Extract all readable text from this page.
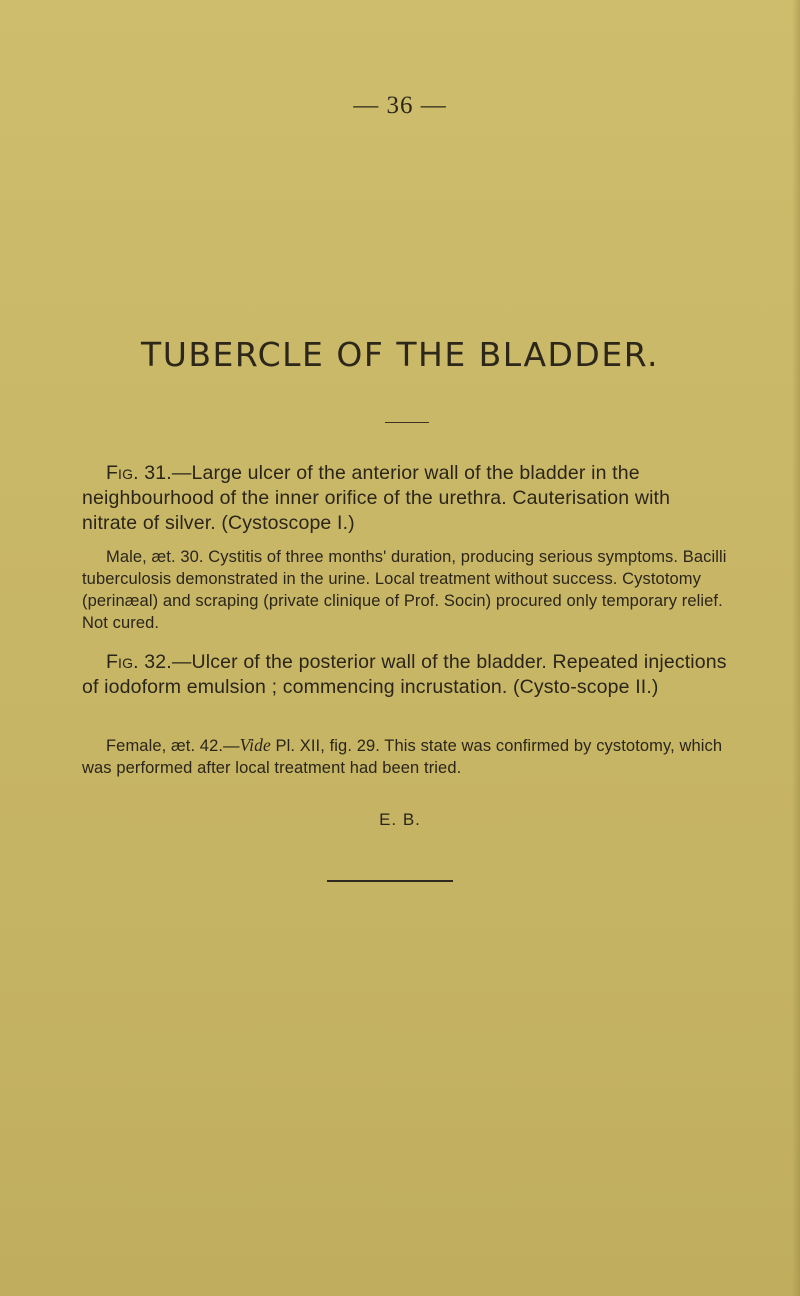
— 36 —
TUBERCLE OF THE BLADDER.

Fig. 31.—Large ulcer of the anterior wall of the bladder in the neighbourhood of the inner orifice of the urethra. Cauterisation with nitrate of silver. (Cystoscope I.)

Male, æt. 30. Cystitis of three months' duration, producing serious symptoms. Bacilli tuberculosis demonstrated in the urine. Local treatment without success. Cystotomy (perinæal) and scraping (private clinique of Prof. Socin) procured only temporary relief. Not cured.

Fig. 32.—Ulcer of the posterior wall of the bladder. Repeated injections of iodoform emulsion ; commencing incrustation. (Cysto-scope II.)

Female, æt. 42.—Vide Pl. XII, fig. 29. This state was confirmed by cystotomy, which was performed after local treatment had been tried.

E. B.
